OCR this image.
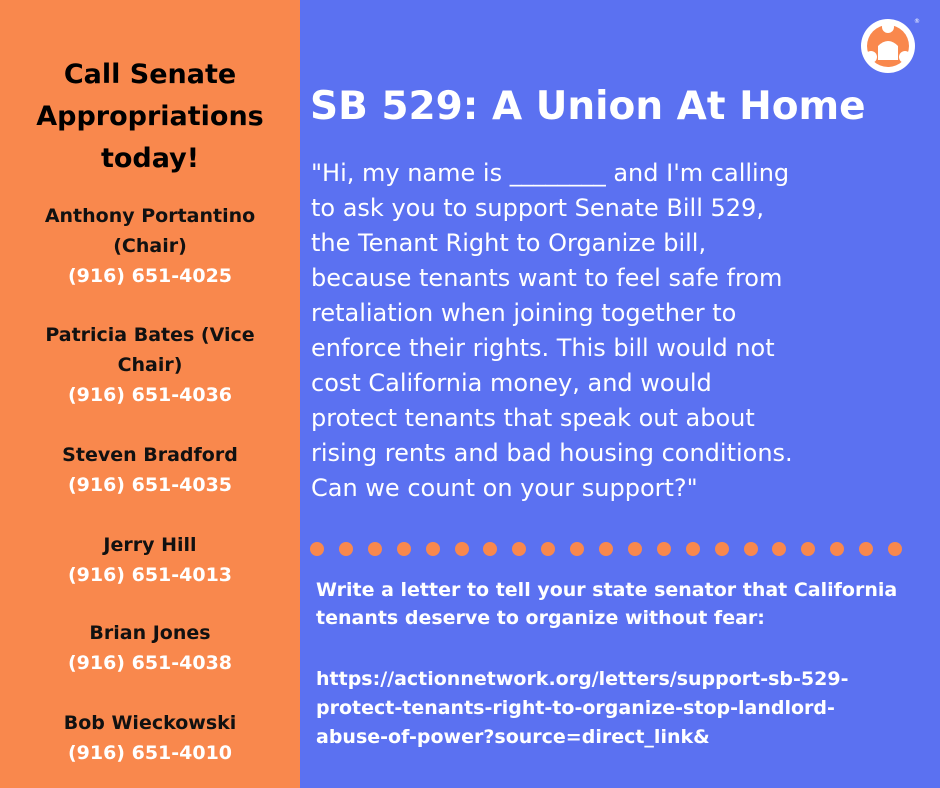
Call Senate
Appropriations
today!
Anthony Portantino
(Chair)
(916) 651-4025
Patricia Bates (Vice
Chair)
(916) 651-4036
Steven Bradford
(916) 651-4035
Jerry Hill
(916) 651-4013
Brian Jones
(916) 651-4038
Bob Wieckowski
(916) 651-4010
®
SB 529: A Union At Home
"Hi, my name is ________ and I'm calling
to ask you to support Senate Bill 529,
the Tenant Right to Organize bill,
because tenants want to feel safe from
retaliation when joining together to
enforce their rights. This bill would not
cost California money, and would
protect tenants that speak out about
rising rents and bad housing conditions.
Can we count on your support?"
Write a letter to tell your state senator that California
tenants deserve to organize without fear:
https://actionnetwork.org/letters/support-sb-529-
protect-tenants-right-to-organize-stop-landlord-
abuse-of-power?source=direct_link&
